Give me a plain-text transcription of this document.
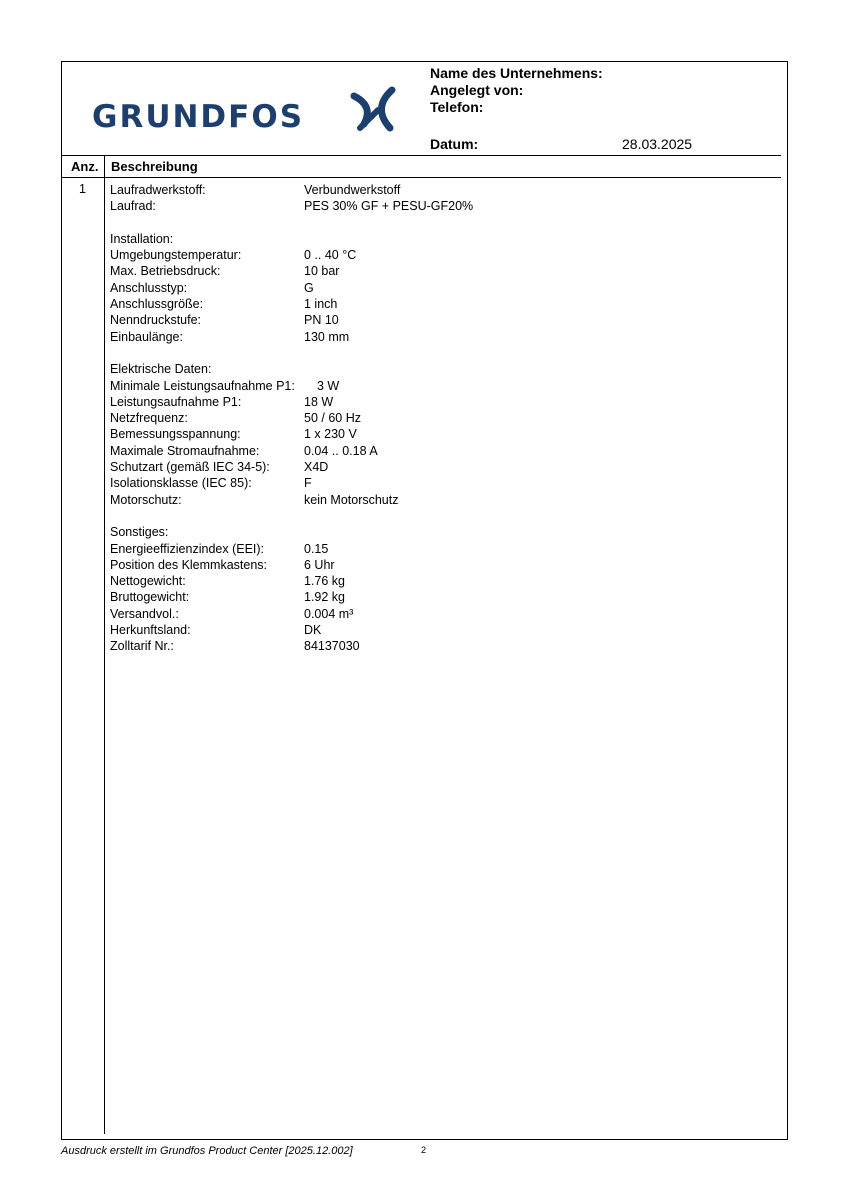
GRUNDFOS
Name des Unternehmens:
Angelegt von:
Telefon:
Datum:	28.03.2025
Anz. Beschreibung
1 Laufradwerkstoff:	Verbundwerkstoff
Laufrad:	PES 30% GF + PESU-GF20%
Installation:
Umgebungstemperatur:	0 .. 40 °C
Max. Betriebsdruck:	10 bar
Anschlusstyp:	G
Anschlussgröße:	1 inch
Nenndruckstufe:	PN 10
Einbaulänge:	130 mm
Elektrische Daten:
Minimale Leistungsaufnahme P1: 3 W
Leistungsaufnahme P1:	18 W
Netzfrequenz:	50 / 60 Hz
Bemessungsspannung:	1 x 230 V
Maximale Stromaufnahme:	0.04 .. 0.18 A
Schutzart (gemäß IEC 34-5):	X4D
Isolationsklasse (IEC 85):	F
Motorschutz:	kein Motorschutz
Sonstiges:
Energieeffizienzindex (EEI):	0.15
Position des Klemmkastens:	6 Uhr
Nettogewicht:	1.76 kg
Bruttogewicht:	1.92 kg
Versandvol.:	0.004 m³
Herkunftsland:	DK
Zolltarif Nr.:	84137030
Ausdruck erstellt im Grundfos Product Center [2025.12.002]	2
